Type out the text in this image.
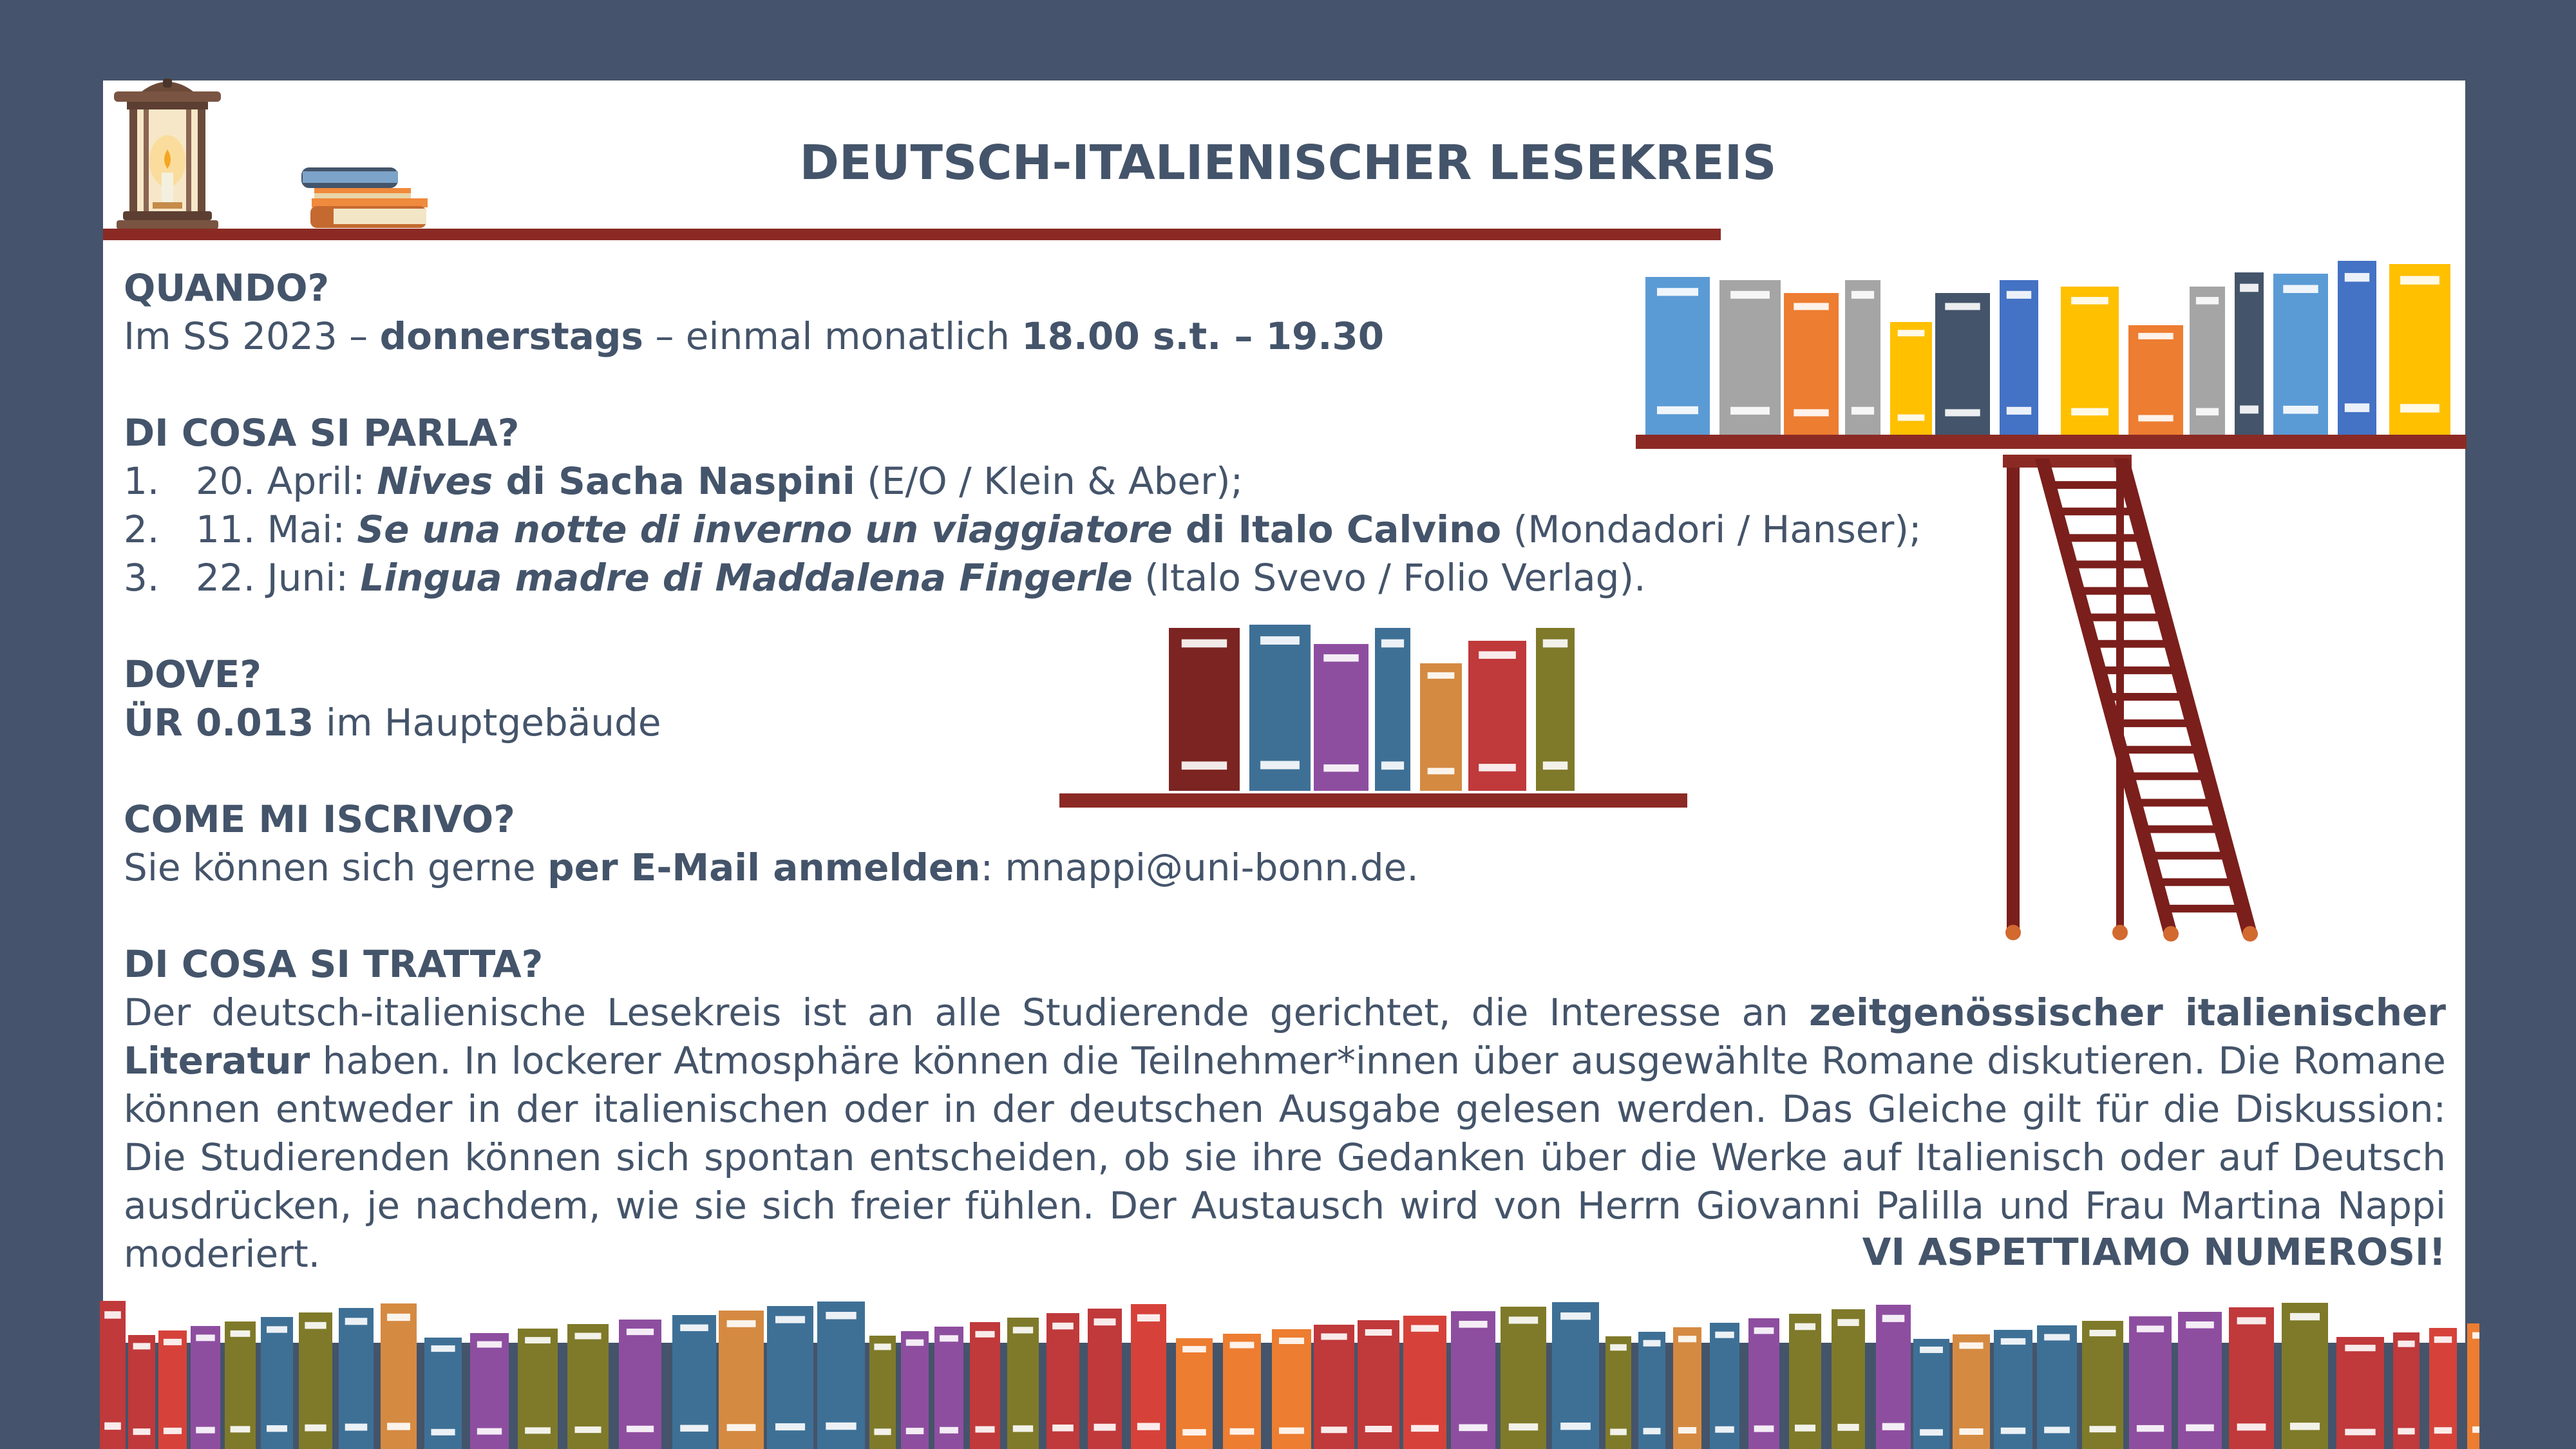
DEUTSCH-ITALIENISCHER LESEKREIS
QUANDO?
Im SS 2023 – donnerstags – einmal monatlich 18.00 s.t. – 19.30
DI COSA SI PARLA?
1. 20. April: Nives di Sacha Naspini (E/O / Klein & Aber);
2. 11. Mai: Se una notte di inverno un viaggiatore di Italo Calvino (Mondadori / Hanser);
3. 22. Juni: Lingua madre di Maddalena Fingerle (Italo Svevo / Folio Verlag).
DOVE?
ÜR 0.013 im Hauptgebäude
COME MI ISCRIVO?
Sie können sich gerne per E-Mail anmelden: mnappi@uni-bonn.de.
DI COSA SI TRATTA?
Der deutsch-italienische Lesekreis ist an alle Studierende gerichtet, die Interesse an zeitgenössischer italienischer Literatur haben. In lockerer Atmosphäre können die Teilnehmer*innen über ausgewählte Romane diskutieren. Die Romane können entweder in der italienischen oder in der deutschen Ausgabe gelesen werden. Das Gleiche gilt für die Diskussion: Die Studierenden können sich spontan entscheiden, ob sie ihre Gedanken über die Werke auf Italienisch oder auf Deutsch ausdrücken, je nachdem, wie sie sich freier fühlen. Der Austausch wird von Herrn Giovanni Palilla und Frau Martina Nappi moderiert.	VI ASPETTIAMO NUMEROSI!
